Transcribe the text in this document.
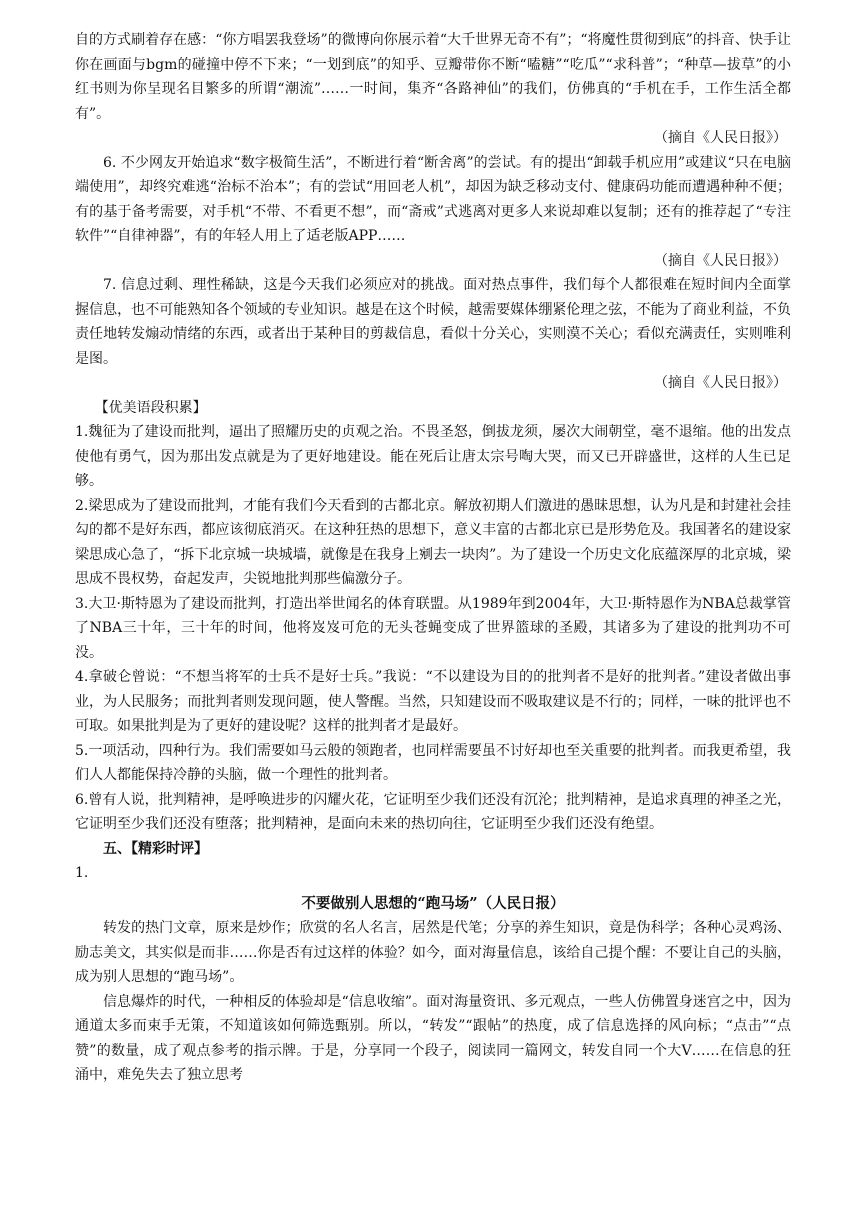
自的方式刷着存在感：“你方唱罢我登场”的微博向你展示着“大千世界无奇不有”；“将魔性贯彻到底”的抖音、快手让你在画面与bgm的碰撞中停不下来；“一划到底”的知乎、豆瓣带你不断“嗑糖”“吃瓜”“求科普”；“种草—拔草”的小红书则为你呈现名目繁多的所谓“潮流”……一时间，集齐“各路神仙”的我们，仿佛真的“手机在手，工作生活全都有”。

（摘自《人民日报》）

6. 不少网友开始追求“数字极简生活”，不断进行着“断舍离”的尝试。有的提出“卸载手机应用”或建议“只在电脑端使用”，却终究难逃“治标不治本”；有的尝试“用回老人机”，却因为缺乏移动支付、健康码功能而遭遇种种不便；有的基于备考需要，对手机“不带、不看更不想”，而“斋戒”式逃离对更多人来说却难以复制；还有的推荐起了“专注软件”“自律神器”，有的年轻人用上了适老版APP……

（摘自《人民日报》）

7. 信息过剩、理性稀缺，这是今天我们必须应对的挑战。面对热点事件，我们每个人都很难在短时间内全面掌握信息，也不可能熟知各个领域的专业知识。越是在这个时候，越需要媒体绷紧伦理之弦，不能为了商业利益，不负责任地转发煽动情绪的东西，或者出于某种目的剪裁信息，看似十分关心，实则漠不关心；看似充满责任，实则唯利是图。

（摘自《人民日报》）

【优美语段积累】

1.魏征为了建设而批判，逼出了照耀历史的贞观之治。不畏圣怒，倒拔龙须，屡次大闹朝堂，毫不退缩。他的出发点使他有勇气，因为那出发点就是为了更好地建设。能在死后让唐太宗号啕大哭，而又已开辟盛世，这样的人生已足够。

2.梁思成为了建设而批判，才能有我们今天看到的古都北京。解放初期人们激进的愚昧思想，认为凡是和封建社会挂勾的都不是好东西，都应该彻底消灭。在这种狂热的思想下，意义丰富的古都北京已是形势危及。我国著名的建设家梁思成心急了，“拆下北京城一块城墙，就像是在我身上剜去一块肉”。为了建设一个历史文化底蕴深厚的北京城，梁思成不畏权势，奋起发声，尖锐地批判那些偏激分子。

3.大卫·斯特恩为了建设而批判，打造出举世闻名的体育联盟。从1989年到2004年，大卫·斯特恩作为NBA总裁掌管了NBA三十年，三十年的时间，他将岌岌可危的无头苍蝇变成了世界篮球的圣殿，其诸多为了建设的批判功不可没。

4.拿破仑曾说：“不想当将军的士兵不是好士兵。”我说：“不以建设为目的的批判者不是好的批判者。”建设者做出事业，为人民服务；而批判者则发现问题，使人警醒。当然，只知建设而不吸取建议是不行的；同样，一味的批评也不可取。如果批判是为了更好的建设呢？这样的批判者才是最好。

5.一项活动，四种行为。我们需要如马云般的领跑者，也同样需要虽不讨好却也至关重要的批判者。而我更希望，我们人人都能保持冷静的头脑，做一个理性的批判者。

6.曾有人说，批判精神，是呼唤进步的闪耀火花，它证明至少我们还没有沉沦；批判精神，是追求真理的神圣之光，它证明至少我们还没有堕落；批判精神，是面向未来的热切向往，它证明至少我们还没有绝望。

五、【精彩时评】

1.

不要做别人思想的“跑马场”（人民日报）

转发的热门文章，原来是炒作；欣赏的名人名言，居然是代笔；分享的养生知识，竟是伪科学；各种心灵鸡汤、励志美文，其实似是而非……你是否有过这样的体验？如今，面对海量信息，该给自己提个醒：不要让自己的头脑，成为别人思想的“跑马场”。

信息爆炸的时代，一种相反的体验却是“信息收缩”。面对海量资讯、多元观点，一些人仿佛置身迷宫之中，因为通道太多而束手无策，不知道该如何筛选甄别。所以，“转发”“跟帖”的热度，成了信息选择的风向标；“点击”“点赞”的数量，成了观点参考的指示牌。于是，分享同一个段子，阅读同一篇网文，转发自同一个大V……在信息的狂涌中，难免失去了独立思考
